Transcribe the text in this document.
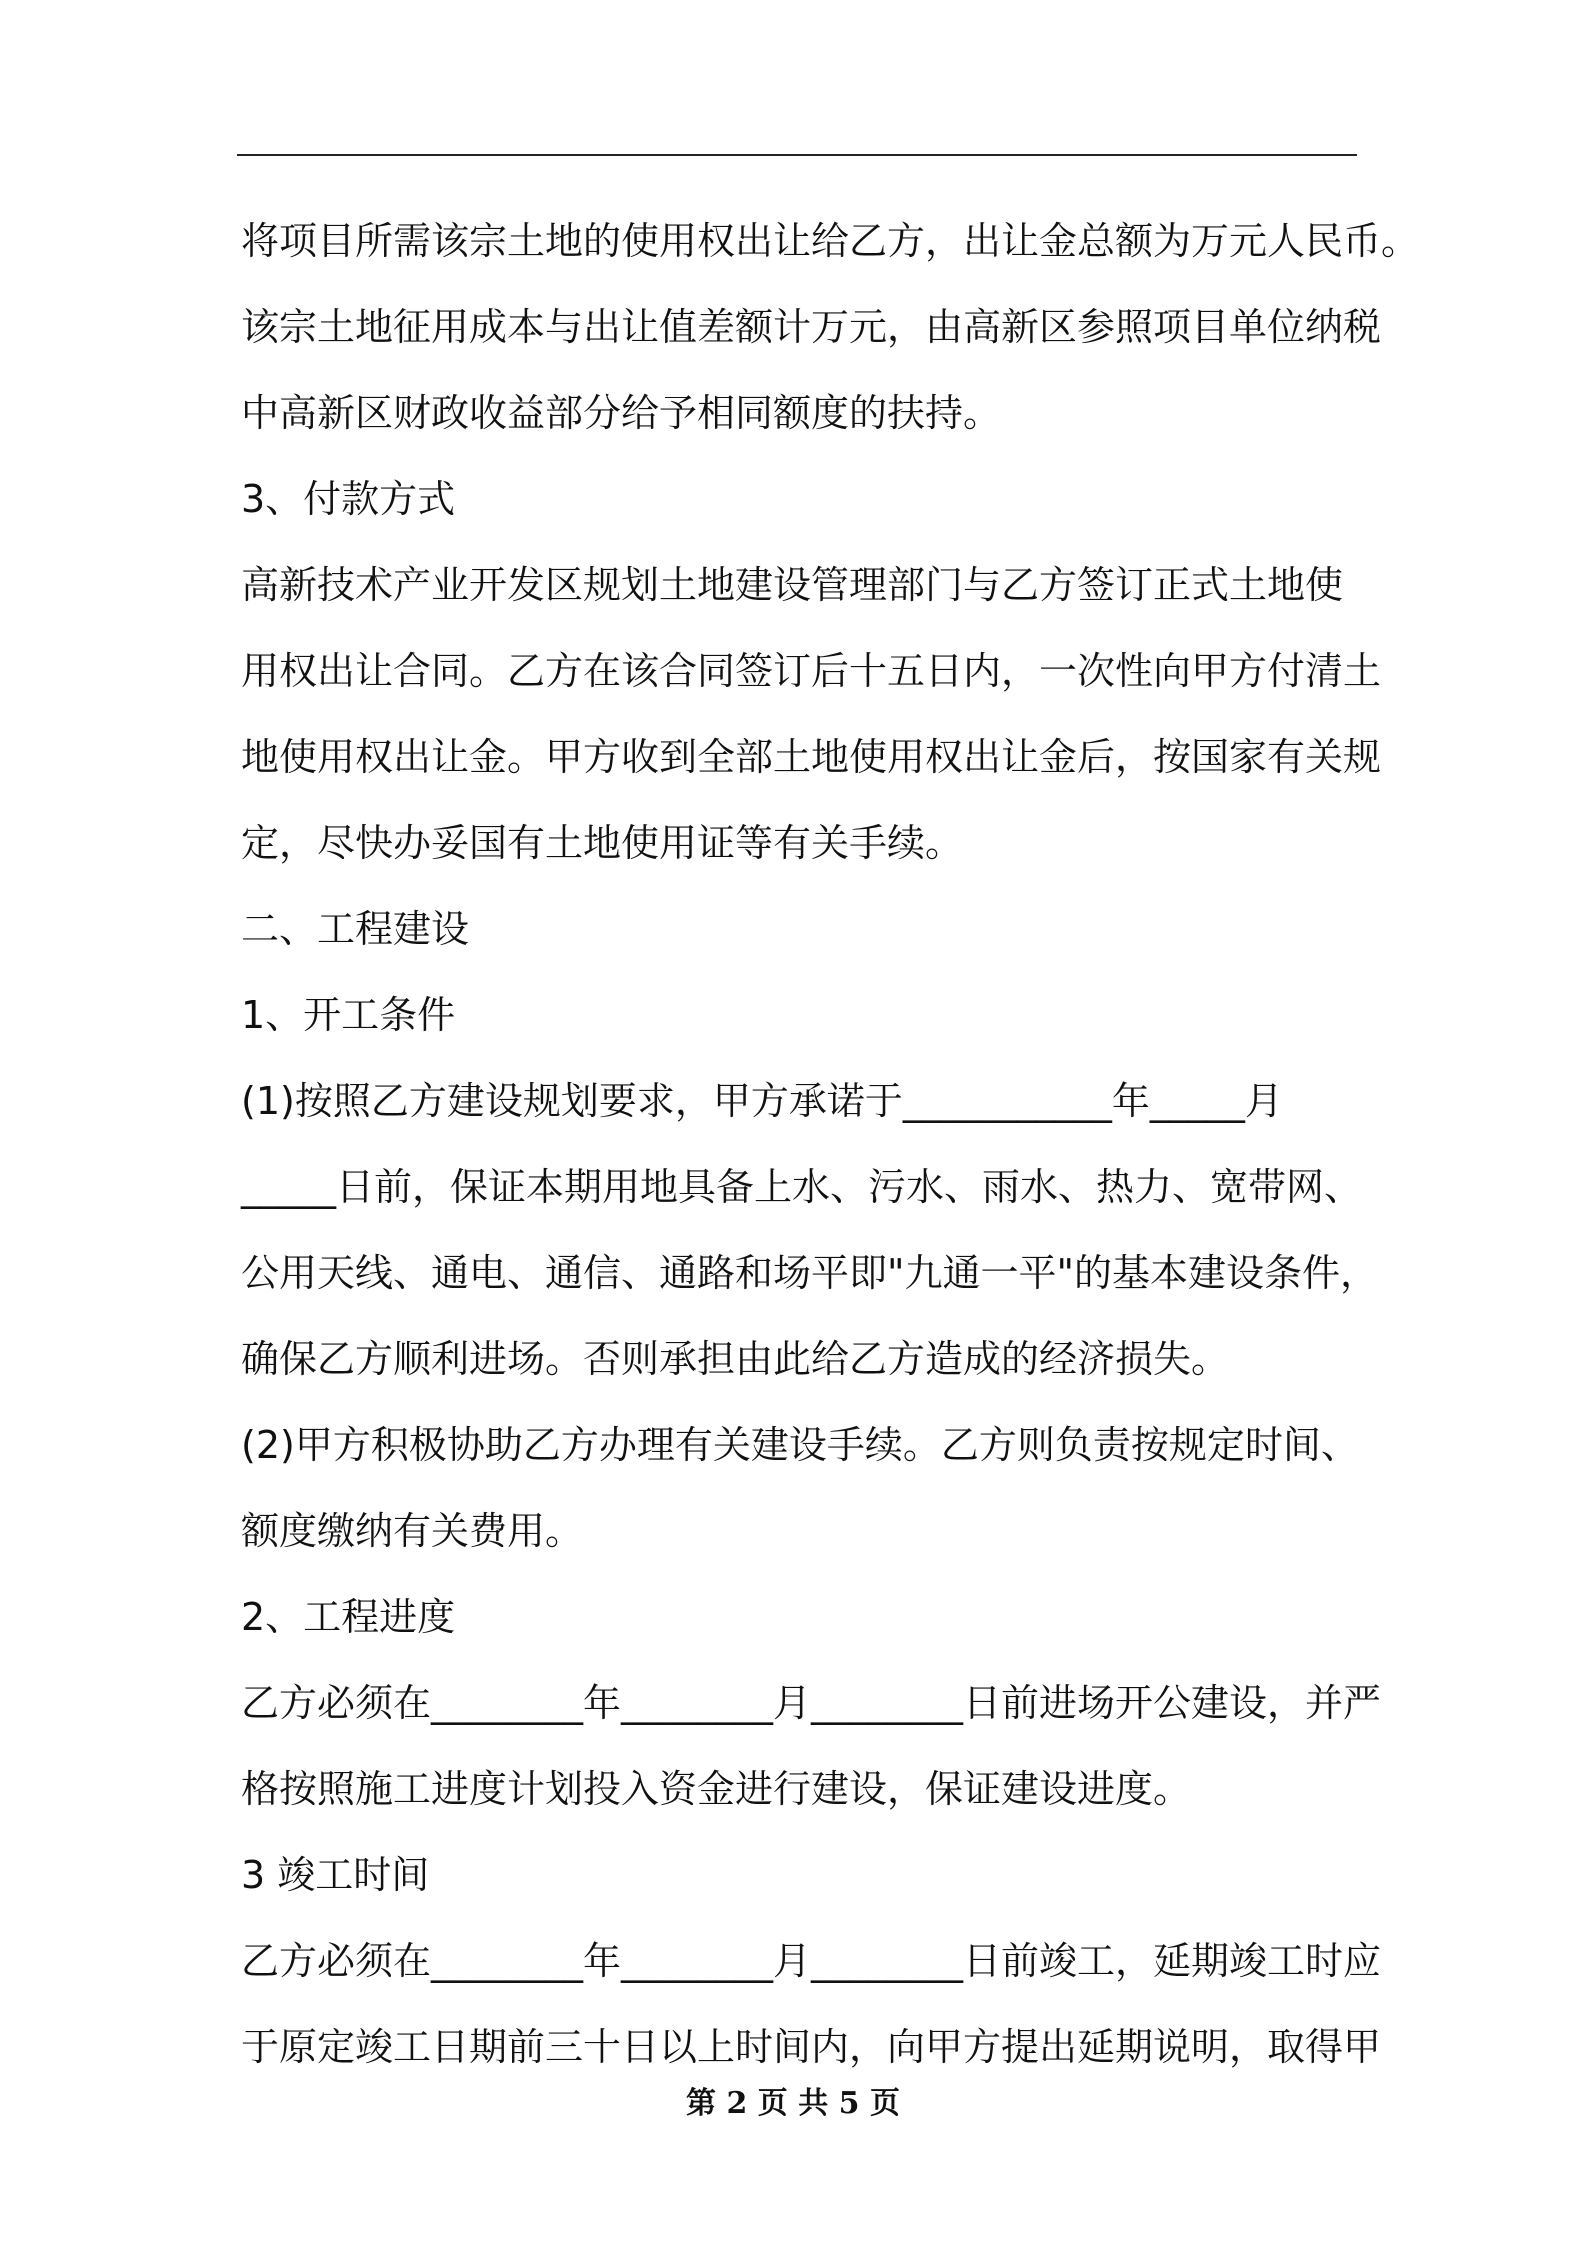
将项目所需该宗土地的使用权出让给乙方，出让金总额为万元人民币。
该宗土地征用成本与出让值差额计万元，由高新区参照项目单位纳税
中高新区财政收益部分给予相同额度的扶持。
3、付款方式
高新技术产业开发区规划土地建设管理部门与乙方签订正式土地使
用权出让合同。乙方在该合同签订后十五日内，一次性向甲方付清土
地使用权出让金。甲方收到全部土地使用权出让金后，按国家有关规
定，尽快办妥国有土地使用证等有关手续。
二、工程建设
1、开工条件
(1)按照乙方建设规划要求，甲方承诺于___________年_____月
_____日前，保证本期用地具备上水、污水、雨水、热力、宽带网、
公用天线、通电、通信、通路和场平即"九通一平"的基本建设条件，
确保乙方顺利进场。否则承担由此给乙方造成的经济损失。
(2)甲方积极协助乙方办理有关建设手续。乙方则负责按规定时间、
额度缴纳有关费用。
2、工程进度
乙方必须在________年________月________日前进场开公建设，并严
格按照施工进度计划投入资金进行建设，保证建设进度。
3 竣工时间
乙方必须在________年________月________日前竣工，延期竣工时应
于原定竣工日期前三十日以上时间内，向甲方提出延期说明，取得甲
第 2 页 共 5 页
